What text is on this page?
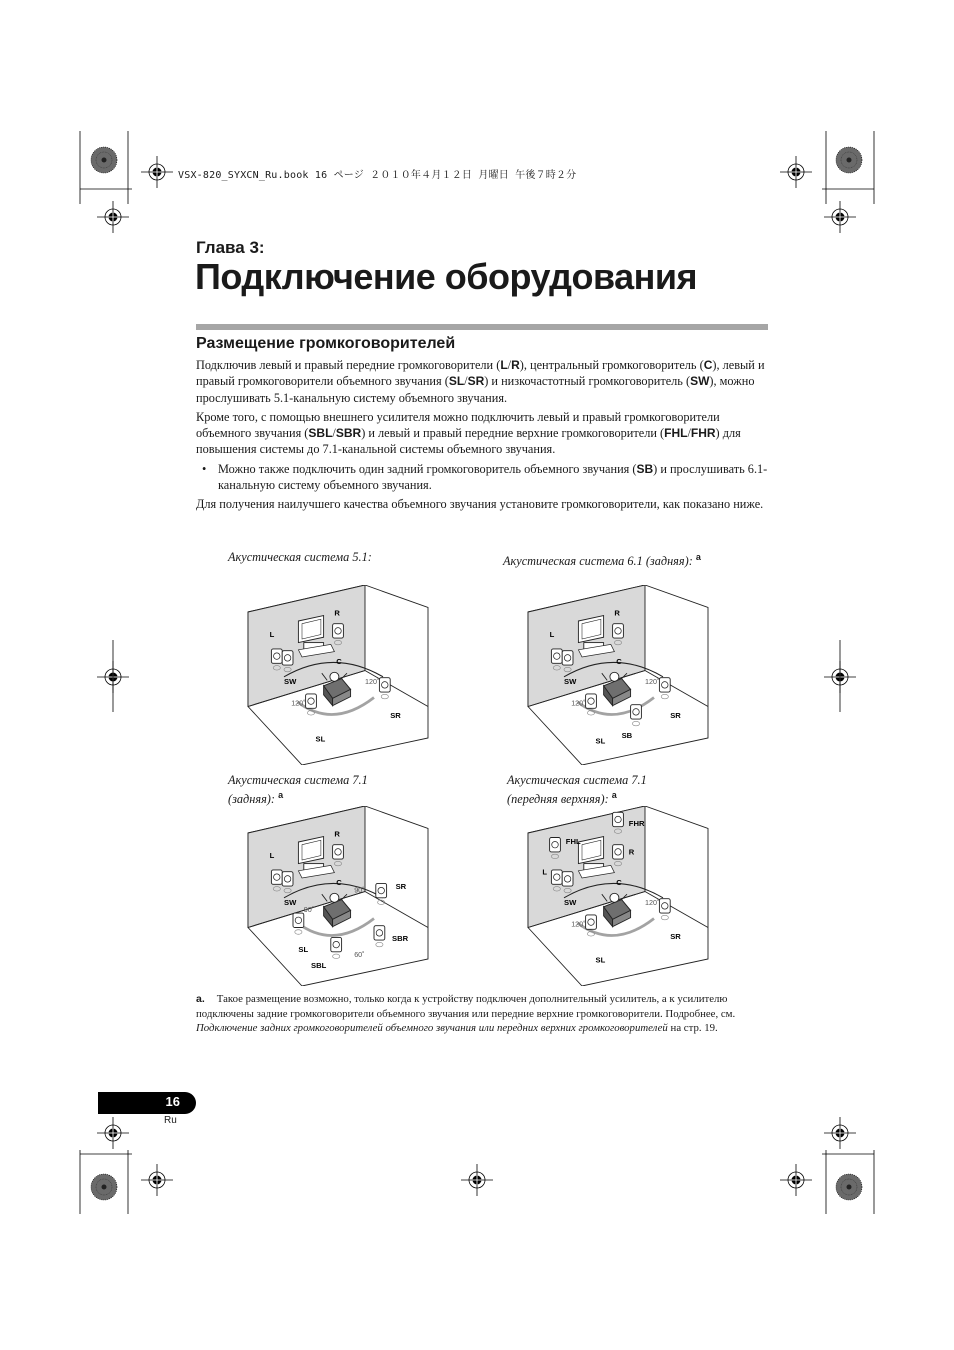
VSX-820_SYXCN_Ru.book 16 ページ ２０１０年４月１２日 月曜日 午後７時２分
Глава 3:
Подключение оборудования
Размещение громкоговорителей

Подключив левый и правый передние громкоговорители (L/R), центральный громкоговоритель (C), левый и правый громкоговорители объемного звучания (SL/SR) и низкочастотный громкоговоритель (SW), можно прослушивать 5.1-канальную систему объемного звучания.

Кроме того, с помощью внешнего усилителя можно подключить левый и правый громкоговорители объемного звучания (SBL/SBR) и левый и правый передние верхние громкоговорители (FHL/FHR) для повышения системы до 7.1-канальной системы объемного звучания.

• Можно также подключить один задний громкоговоритель объемного звучания (SB) и прослушивать 6.1-канальную систему объемного звучания.

Для получения наилучшего качества объемного звучания установите громкоговорители, как показано ниже.

Акустическая система 5.1:	Акустическая система 6.1 (задняя): $^a$
Акустическая система 7.1
(задняя): $^a$
Акустическая система 7.1
(передняя верхняя): $^a$
L
R
C
SW
SL
SR
120˚
120˚
L
R
C
SW
SL
SR
SB
120˚
120˚
L
R
C
SW
SL
SR
SBL
SBR
90˚
90˚
60˚
L
R
C
SW
SL
SR
FHL
FHR
120˚
120˚
a. Такое размещение возможно, только когда к устройству подключен дополнительный усилитель, а к усилителю подключены задние громкоговорители объемного звучания или передние верхние громкоговорители. Подробнее, см. Подключение задних громкоговорителей объемного звучания или передних верхних громкоговорителей на стр. 19.
16
Ru
